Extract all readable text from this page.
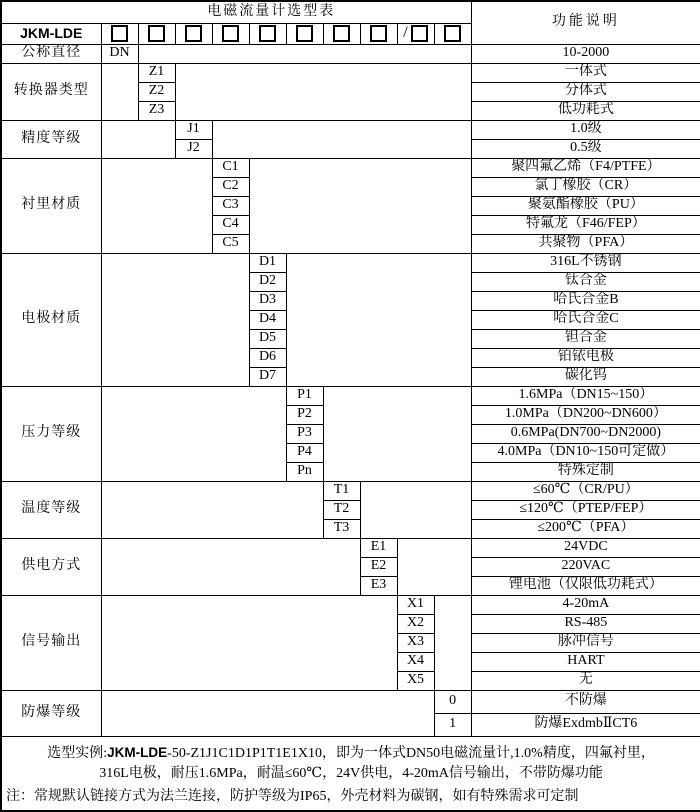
电磁流量计选型表											功能说明
JKM-LDE									/		
公称直径	DN										10-2000
转换器类型		Z1									一体式
		Z2									分体式
		Z3									低功耗式
精度等级			J1								1.0级
			J2								0.5级
衬里材质				C1							聚四氟乙烯（F4/PTFE）
				C2							氯丁橡胶（CR）
				C3							聚氨酯橡胶（PU）
				C4							特氟龙（F46/FEP）
				C5							共聚物（PFA）
电极材质					D1						316L不锈钢
					D2						钛合金
					D3						哈氏合金B
					D4						哈氏合金C
					D5						钽合金
					D6						铂铱电极
					D7						碳化钨
压力等级						P1					1.6MPa（DN15~150）
						P2					1.0MPa（DN200~DN600）
						P3					0.6MPa(DN700~DN2000)
						P4					4.0MPa（DN10~150可定做）
						Pn					特殊定制
温度等级							T1				≤60℃（CR/PU）
							T2				≤120℃（PTEP/FEP）
							T3				≤200℃（PFA）
供电方式								E1			24VDC
								E2			220VAC
								E3			锂电池（仅限低功耗式）
信号输出									X1		4-20mA
									X2		RS-485
									X3		脉冲信号
									X4		HART
									X5		无
防爆等级										0	不防爆
										1	防爆ExdmbⅡCT6

选型实例:JKM-LDE-50-Z1J1C1D1P1T1E1X10，即为一体式DN50电磁流量计,1.0%精度，四氟衬里，
316L电极，耐压1.6MPa，耐温≤60℃，24V供电，4-20mA信号输出，不带防爆功能
注：常规默认链接方式为法兰连接，防护等级为IP65，外壳材料为碳钢，如有特殊需求可定制											
